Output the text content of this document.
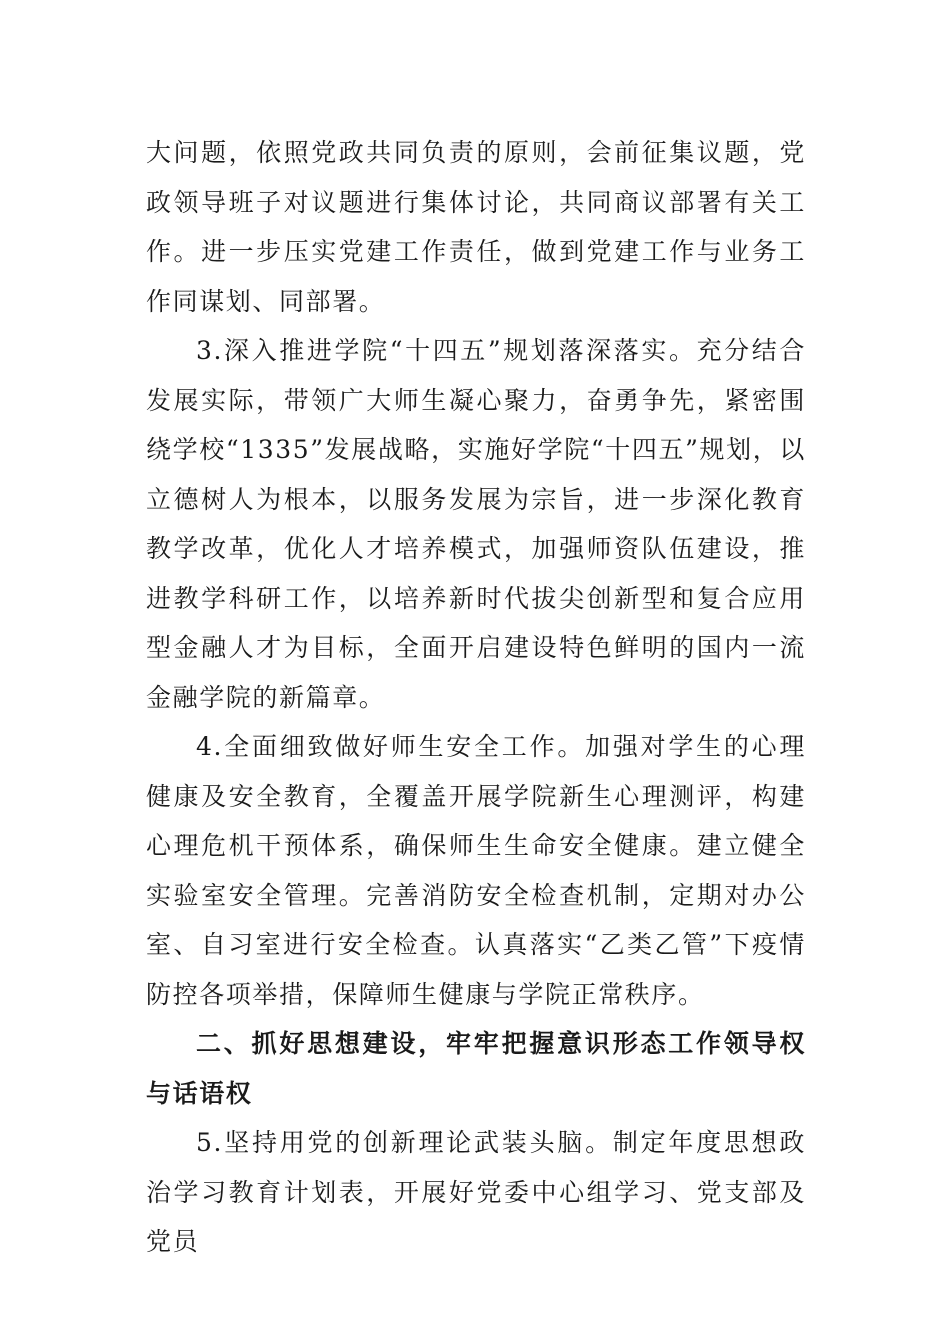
大问题，依照党政共同负责的原则，会前征集议题，党政领导班子对议题进行集体讨论，共同商议部署有关工作。进一步压实党建工作责任，做到党建工作与业务工作同谋划、同部署。

3.深入推进学院“十四五”规划落深落实。充分结合发展实际，带领广大师生凝心聚力，奋勇争先，紧密围绕学校“1335”发展战略，实施好学院“十四五”规划，以立德树人为根本，以服务发展为宗旨，进一步深化教育教学改革，优化人才培养模式，加强师资队伍建设，推进教学科研工作，以培养新时代拔尖创新型和复合应用型金融人才为目标，全面开启建设特色鲜明的国内一流金融学院的新篇章。

4.全面细致做好师生安全工作。加强对学生的心理健康及安全教育，全覆盖开展学院新生心理测评，构建心理危机干预体系，确保师生生命安全健康。建立健全实验室安全管理。完善消防安全检查机制，定期对办公室、自习室进行安全检查。认真落实“乙类乙管”下疫情防控各项举措，保障师生健康与学院正常秩序。

二、抓好思想建设，牢牢把握意识形态工作领导权与话语权

5.坚持用党的创新理论武装头脑。制定年度思想政治学习教育计划表，开展好党委中心组学习、党支部及党员
